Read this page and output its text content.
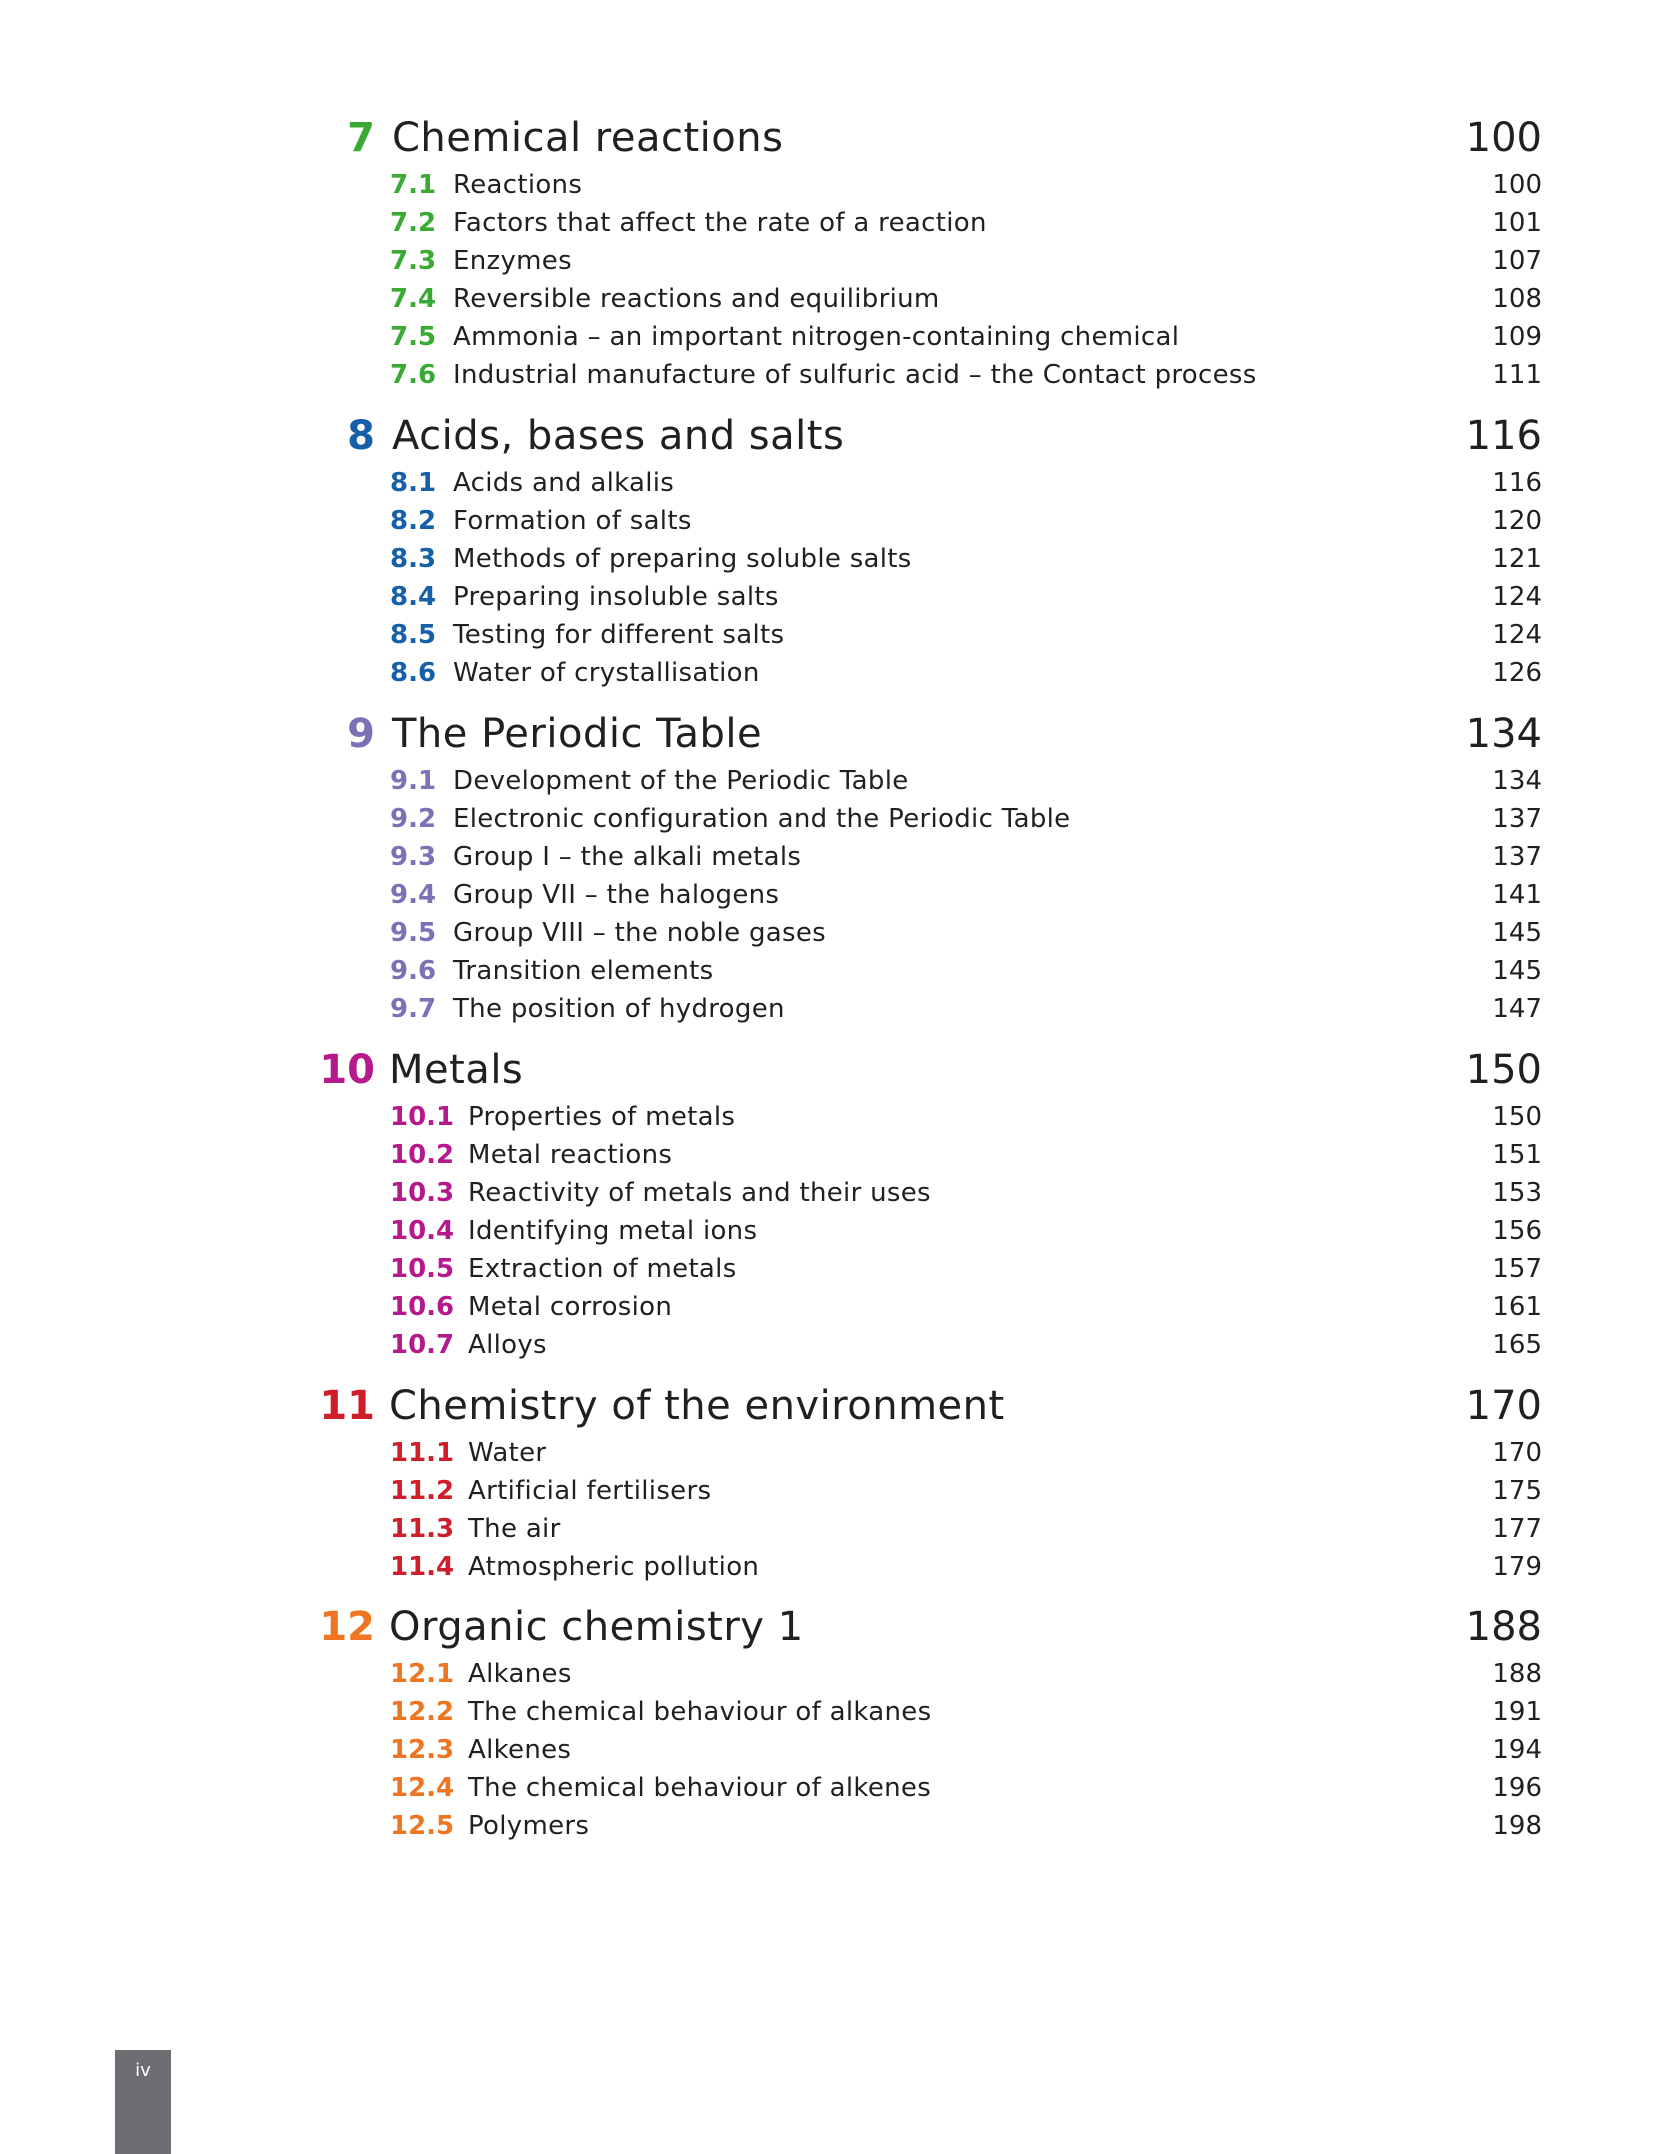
7 Chemical reactions	100
7.1 Reactions	100
7.2 Factors that affect the rate of a reaction	101
7.3 Enzymes	107
7.4 Reversible reactions and equilibrium	108
7.5 Ammonia – an important nitrogen-containing chemical	109
7.6 Industrial manufacture of sulfuric acid – the Contact process	111
8 Acids, bases and salts	116
8.1 Acids and alkalis	116
8.2 Formation of salts	120
8.3 Methods of preparing soluble salts	121
8.4 Preparing insoluble salts	124
8.5 Testing for different salts	124
8.6 Water of crystallisation	126
9 The Periodic Table	134
9.1 Development of the Periodic Table	134
9.2 Electronic configuration and the Periodic Table	137
9.3 Group I – the alkali metals	137
9.4 Group VII – the halogens	141
9.5 Group VIII – the noble gases	145
9.6 Transition elements	145
9.7 The position of hydrogen	147
10 Metals	150
10.1 Properties of metals	150
10.2 Metal reactions	151
10.3 Reactivity of metals and their uses	153
10.4 Identifying metal ions	156
10.5 Extraction of metals	157
10.6 Metal corrosion	161
10.7 Alloys	165
11 Chemistry of the environment	170
11.1 Water	170
11.2 Artificial fertilisers	175
11.3 The air	177
11.4 Atmospheric pollution	179
12 Organic chemistry 1	188
12.1 Alkanes	188
12.2 The chemical behaviour of alkanes	191
12.3 Alkenes	194
12.4 The chemical behaviour of alkenes	196
12.5 Polymers	198
iv
